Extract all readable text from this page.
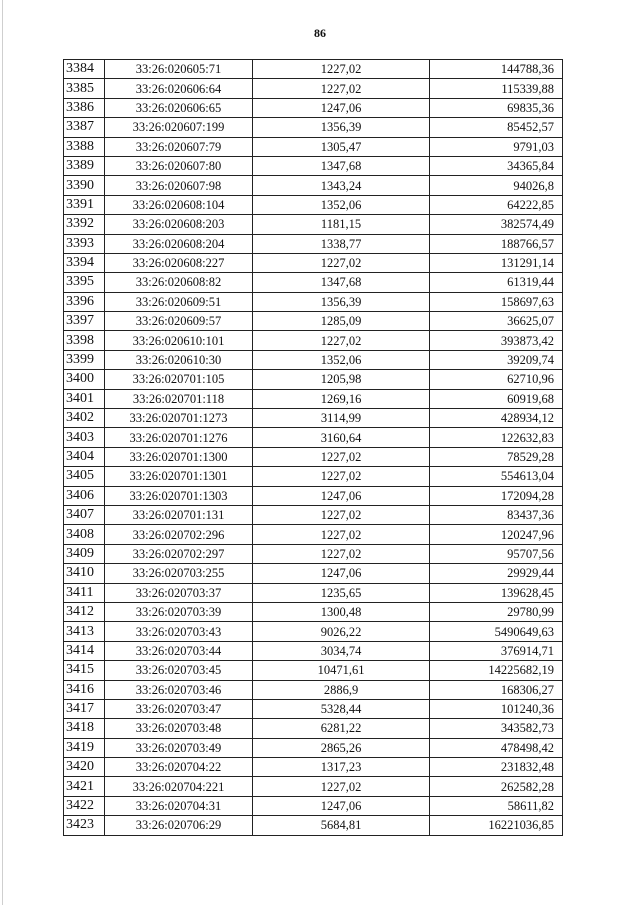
86
3384	33:26:020605:71	1227,02	144788,36
3385	33:26:020606:64	1227,02	115339,88
3386	33:26:020606:65	1247,06	69835,36
3387	33:26:020607:199	1356,39	85452,57
3388	33:26:020607:79	1305,47	9791,03
3389	33:26:020607:80	1347,68	34365,84
3390	33:26:020607:98	1343,24	94026,8
3391	33:26:020608:104	1352,06	64222,85
3392	33:26:020608:203	1181,15	382574,49
3393	33:26:020608:204	1338,77	188766,57
3394	33:26:020608:227	1227,02	131291,14
3395	33:26:020608:82	1347,68	61319,44
3396	33:26:020609:51	1356,39	158697,63
3397	33:26:020609:57	1285,09	36625,07
3398	33:26:020610:101	1227,02	393873,42
3399	33:26:020610:30	1352,06	39209,74
3400	33:26:020701:105	1205,98	62710,96
3401	33:26:020701:118	1269,16	60919,68
3402	33:26:020701:1273	3114,99	428934,12
3403	33:26:020701:1276	3160,64	122632,83
3404	33:26:020701:1300	1227,02	78529,28
3405	33:26:020701:1301	1227,02	554613,04
3406	33:26:020701:1303	1247,06	172094,28
3407	33:26:020701:131	1227,02	83437,36
3408	33:26:020702:296	1227,02	120247,96
3409	33:26:020702:297	1227,02	95707,56
3410	33:26:020703:255	1247,06	29929,44
3411	33:26:020703:37	1235,65	139628,45
3412	33:26:020703:39	1300,48	29780,99
3413	33:26:020703:43	9026,22	5490649,63
3414	33:26:020703:44	3034,74	376914,71
3415	33:26:020703:45	10471,61	14225682,19
3416	33:26:020703:46	2886,9	168306,27
3417	33:26:020703:47	5328,44	101240,36
3418	33:26:020703:48	6281,22	343582,73
3419	33:26:020703:49	2865,26	478498,42
3420	33:26:020704:22	1317,23	231832,48
3421	33:26:020704:221	1227,02	262582,28
3422	33:26:020704:31	1247,06	58611,82
3423	33:26:020706:29	5684,81	16221036,85
